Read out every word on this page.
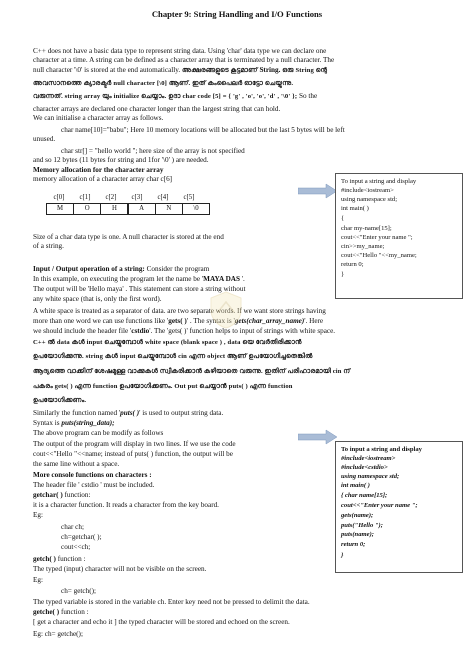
Chapter 9: String Handling and I/O Functions
C++ does not have a basic data type to represent string data. Using 'char' data type we can declare one
character at a time. A string can be defined as a character array that is terminated by a null character. The
null character '\0' is stored at the end automatically. അക്ഷരങ്ങളുടെ കൂട്ടമാണ് String. ഒരു String ന്റെ
അവസാനത്തെ ക്യാരക്ടർ null character [\0] ആണ്. ഇത് കംപൈലർ ഓട്ടോ ചെയ്യുന്നു.
വരുന്നത്. string array യും initialize ചെയ്യാം. ഉദാ char code [5] = { 'g' , 'o', 'o', 'd' , '\0' }; So the
character arrays are declared one character longer than the largest string that can hold.
We can initialise a character array as follows.
char name[10]="babu"; Here 10 memory locations will be allocated but the last 5 bytes will be left
unused.
char str[] = "hello world "; here size of the array is not specified
and so 12 bytes (11 bytes for string and 1for '\0' ) are needed.
Memory allocation for the character array
memory allocation of a character array char c[6]
c[0]	c[1]	c[2]	c[3]	c[4]	c[5]
M	O	H	A	N	\0
Size of a char data type is one. A null character is stored at the end
of a string.
Input / Output operation of a string: Consider the program
In this example, on executing the program let the name be 'MAYA DAS '.
The output will be 'Hello maya' . This statement can store a string without
any white space (that is, only the first word).
A white space is treated as a separator of data. are two separate words. If we want store strings having
more than one word we can use functions like 'gets( )' . The syntax is 'gets(char_array_name)'. Here
we should include the header file 'cstdio'. The 'gets( )' function helps to input of strings with white space.
C++ ൽ data കൾ input ചെയ്യുമ്പോൾ white space (blank space ) , data യെ വേർതിരിക്കാൻ
ഉപയോഗിക്കുന്നു. string കൾ input ചെയ്യുമ്പോൾ cin എന്ന object ആണ് ഉപയോഗിച്ചതെങ്കിൽ
ആദ്യത്തെ വാക്കിന് ശേഷമുള്ള വാക്കുകൾ സ്വീകരിക്കാൻ കഴിയാതെ വരുന്നു. ഇതിന് പരിഹാരമായി cin ന്
പകരം gets( ) എന്ന function ഉപയോഗിക്കണം. Out put ചെയ്യാൻ puts( ) എന്ന function
ഉപയോഗിക്കണം.
Similarly the function named 'puts( )' is used to output string data.
Syntax is puts(string_data);
The above program can be modify as follows
The output of the program will display in two lines. If we use the code
cout<<"Hello "<<name; instead of puts( ) function, the output will be
the same line without a space.
More console functions on characters :
The header file ' cstdio ' must be included.
getchar( ) function:
it is a character function. It reads a character from the key board.
Eg:
char ch;
ch=getchar( );
cout<<ch;
getch( ) function :
The typed (input) character will not be visible on the screen.
Eg:
ch= getch();
The typed variable is stored in the variable ch. Enter key need not be pressed to delimit the data.
getche( ) function :
[ get a character and echo it ] the typed character will be stored and echoed on the screen.
Eg: ch= getche();
To input a string and display
#include<iostream>
using namespace std;
int main( )
{
char my-name[15];
cout<<"Enter your name ";
cin>>my_name;
cout<<"Hello "<<my_name;
return 0;
}
To input a string and display
#include<iostream>
#include<cstdio>
using namespace std;
int main( )
{ char name[15];
cout<<"Enter your name ";
gets(name);
puts("Hello ");
puts(name);
return 0;
}
